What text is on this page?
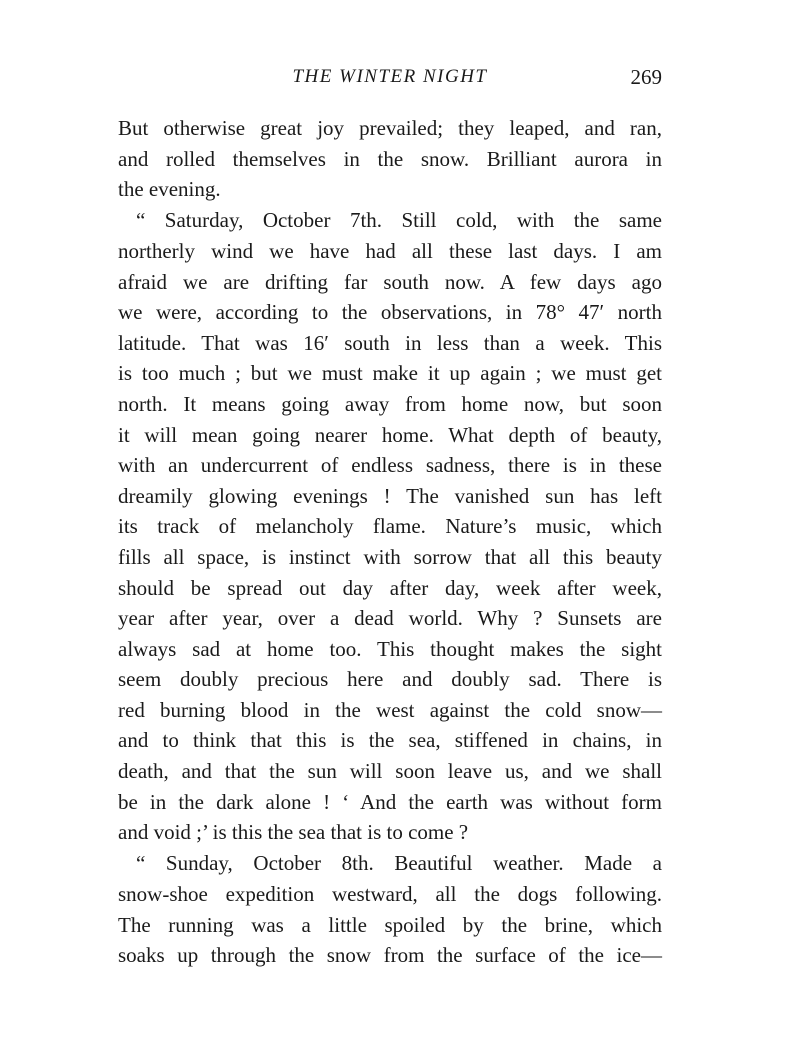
THE WINTER NIGHT	269

But otherwise great joy prevailed; they leaped, and ran,
and rolled themselves in the snow. Brilliant aurora in
the evening.

“ Saturday, October 7th. Still cold, with the same
northerly wind we have had all these last days. I am
afraid we are drifting far south now. A few days ago
we were, according to the observations, in 78° 47′ north
latitude. That was 16′ south in less than a week. This
is too much ; but we must make it up again ; we must get
north. It means going away from home now, but soon
it will mean going nearer home. What depth of beauty,
with an undercurrent of endless sadness, there is in these
dreamily glowing evenings ! The vanished sun has left
its track of melancholy flame. Nature’s music, which
fills all space, is instinct with sorrow that all this beauty
should be spread out day after day, week after week,
year after year, over a dead world. Why ? Sunsets are
always sad at home too. This thought makes the sight
seem doubly precious here and doubly sad. There is
red burning blood in the west against the cold snow—
and to think that this is the sea, stiffened in chains, in
death, and that the sun will soon leave us, and we shall
be in the dark alone ! ‘ And the earth was without form
and void ;’ is this the sea that is to come ?

“ Sunday, October 8th. Beautiful weather. Made a
snow-shoe expedition westward, all the dogs following.
The running was a little spoiled by the brine, which
soaks up through the snow from the surface of the ice—
